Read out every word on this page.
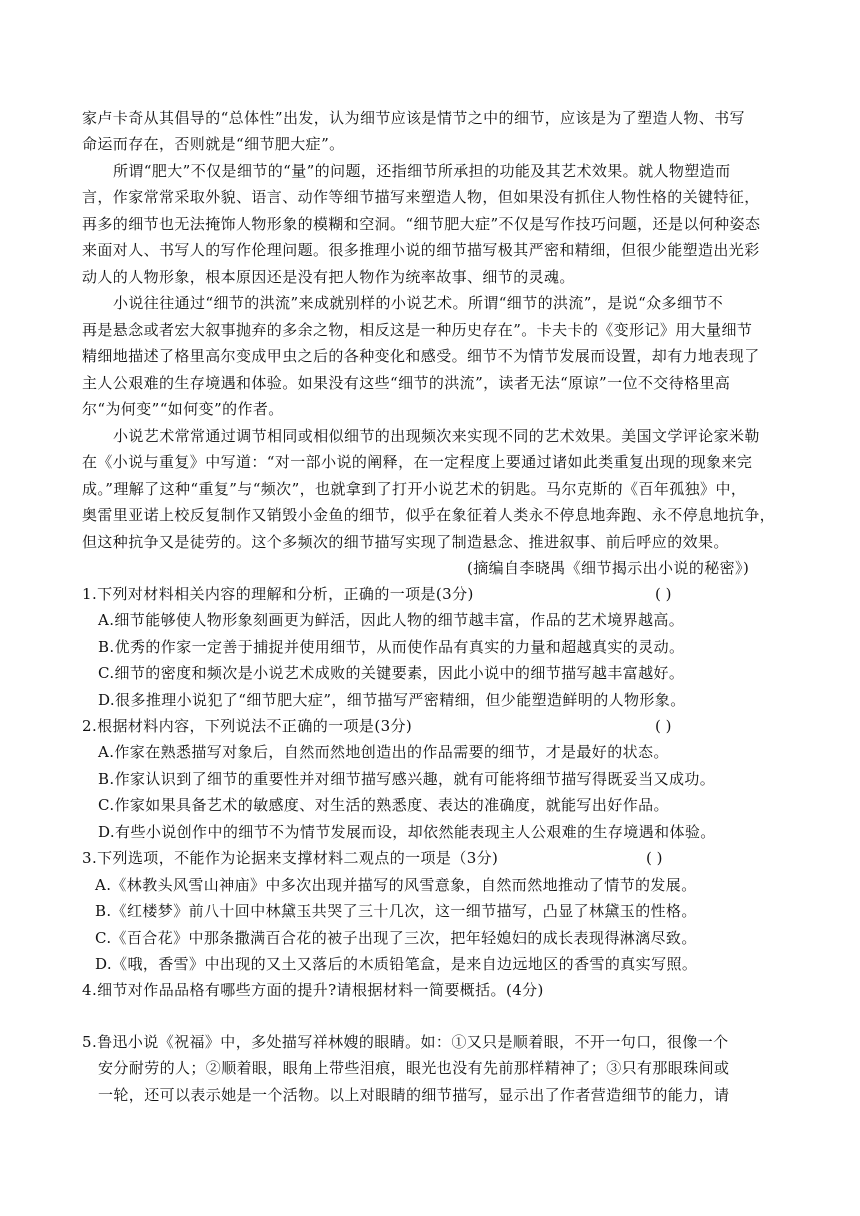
家卢卡奇从其倡导的“总体性”出发，认为细节应该是情节之中的细节，应该是为了塑造人物、书写
命运而存在，否则就是“细节肥大症”。
所谓“肥大”不仅是细节的“量”的问题，还指细节所承担的功能及其艺术效果。就人物塑造而
言，作家常常采取外貌、语言、动作等细节描写来塑造人物，但如果没有抓住人物性格的关键特征，
再多的细节也无法掩饰人物形象的模糊和空洞。“细节肥大症”不仅是写作技巧问题，还是以何种姿态
来面对人、书写人的写作伦理问题。很多推理小说的细节描写极其严密和精细，但很少能塑造出光彩
动人的人物形象，根本原因还是没有把人物作为统率故事、细节的灵魂。
小说往往通过“细节的洪流”来成就别样的小说艺术。所谓“细节的洪流”，是说“众多细节不
再是悬念或者宏大叙事抛弃的多余之物，相反这是一种历史存在”。卡夫卡的《变形记》用大量细节
精细地描述了格里高尔变成甲虫之后的各种变化和感受。细节不为情节发展而设置，却有力地表现了
主人公艰难的生存境遇和体验。如果没有这些“细节的洪流”，读者无法“原谅”一位不交待格里高
尔“为何变”“如何变”的作者。
小说艺术常常通过调节相同或相似细节的出现频次来实现不同的艺术效果。美国文学评论家米勒
在《小说与重复》中写道：“对一部小说的阐释，在一定程度上要通过诸如此类重复出现的现象来完
成。”理解了这种“重复”与“频次”，也就拿到了打开小说艺术的钥匙。马尔克斯的《百年孤独》中，
奥雷里亚诺上校反复制作又销毁小金鱼的细节，似乎在象征着人类永不停息地奔跑、永不停息地抗争，
但这种抗争又是徒劳的。这个多频次的细节描写实现了制造悬念、推进叙事、前后呼应的效果。
(摘编自李晓禺《细节揭示出小说的秘密》)
1.下列对材料相关内容的理解和分析，正确的一项是(3分)	( )
A.细节能够使人物形象刻画更为鲜活，因此人物的细节越丰富，作品的艺术境界越高。
B.优秀的作家一定善于捕捉并使用细节，从而使作品有真实的力量和超越真实的灵动。
C.细节的密度和频次是小说艺术成败的关键要素，因此小说中的细节描写越丰富越好。
D.很多推理小说犯了“细节肥大症”，细节描写严密精细，但少能塑造鲜明的人物形象。
2.根据材料内容，下列说法不正确的一项是(3分)	( )
A.作家在熟悉描写对象后，自然而然地创造出的作品需要的细节，才是最好的状态。
B.作家认识到了细节的重要性并对细节描写感兴趣，就有可能将细节描写得既妥当又成功。
C.作家如果具备艺术的敏感度、对生活的熟悉度、表达的准确度，就能写出好作品。
D.有些小说创作中的细节不为情节发展而设，却依然能表现主人公艰难的生存境遇和体验。
3.下列选项，不能作为论据来支撑材料二观点的一项是（3分)	( )
A.《林教头风雪山神庙》中多次出现并描写的风雪意象，自然而然地推动了情节的发展。
B.《红楼梦》前八十回中林黛玉共哭了三十几次，这一细节描写，凸显了林黛玉的性格。
C.《百合花》中那条撒满百合花的被子出现了三次，把年轻媳妇的成长表现得淋漓尽致。
D.《哦，香雪》中出现的又土又落后的木质铅笔盒，是来自边远地区的香雪的真实写照。
4.细节对作品品格有哪些方面的提升?请根据材料一简要概括。(4分)
5.鲁迅小说《祝福》中，多处描写祥林嫂的眼睛。如：①又只是顺着眼，不开一句口，很像一个
安分耐劳的人；②顺着眼，眼角上带些泪痕，眼光也没有先前那样精神了；③只有那眼珠间或
一轮，还可以表示她是一个活物。以上对眼睛的细节描写，显示出了作者营造细节的能力，请
